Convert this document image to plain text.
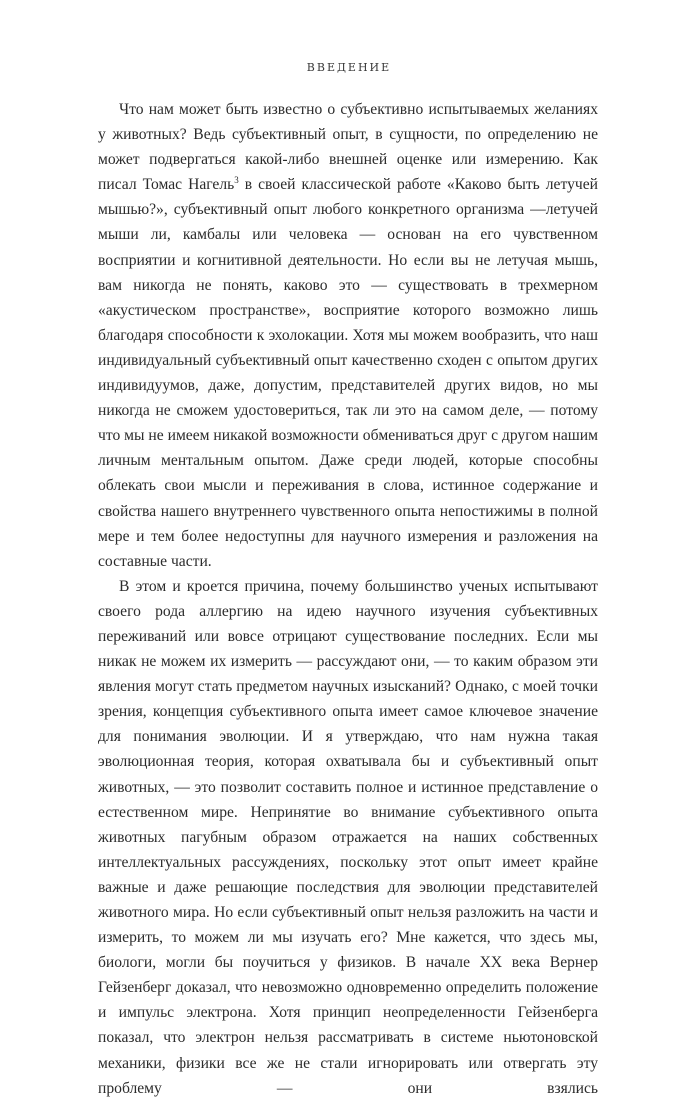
ВВЕДЕНИЕ

Что нам может быть известно о субъективно испытываемых желаниях у животных? Ведь субъективный опыт, в сущности, по определению не может подвергаться какой-либо внешней оценке или измерению. Как писал Томас Нагель$^3$ в своей классической работе «Каково быть летучей мышью?», субъективный опыт любого конкретного организма —летучей мыши ли, камбалы или человека — основан на его чувственном восприятии и когнитивной деятельности. Но если вы не летучая мышь, вам никогда не понять, каково это — существовать в трехмерном «акустическом пространстве», восприятие которого возможно лишь благодаря способности к эхолокации. Хотя мы можем вообразить, что наш индивидуальный субъективный опыт качественно сходен с опытом других индивидуумов, даже, допустим, представителей других видов, но мы никогда не сможем удостовериться, так ли это на самом деле, — потому что мы не имеем никакой возможности обмениваться друг с другом нашим личным ментальным опытом. Даже среди людей, которые способны облекать свои мысли и переживания в слова, истинное содержание и свойства нашего внутреннего чувственного опыта непостижимы в полной мере и тем более недоступны для научного измерения и разложения на составные части.

В этом и кроется причина, почему большинство ученых испытывают своего рода аллергию на идею научного изучения субъективных переживаний или вовсе отрицают существование последних. Если мы никак не можем их измерить — рассуждают они, — то каким образом эти явления могут стать предметом научных изысканий? Однако, с моей точки зрения, концепция субъективного опыта имеет самое ключевое значение для понимания эволюции. И я утверждаю, что нам нужна такая эволюционная теория, которая охватывала бы и субъективный опыт животных, — это позволит составить полное и истинное представление о естественном мире. Непринятие во внимание субъективного опыта животных пагубным образом отражается на наших собственных интеллектуальных рассуждениях, поскольку этот опыт имеет крайне важные и даже решающие последствия для эволюции представителей животного мира. Но если субъективный опыт нельзя разложить на части и измерить, то можем ли мы изучать его? Мне кажется, что здесь мы, биологи, могли бы поучиться у физиков. В начале XX века Вернер Гейзенберг доказал, что невозможно одновременно определить положение и импульс электрона. Хотя принцип неопределенности Гейзенберга показал, что электрон нельзя рассматривать в системе ньютоновской механики, физики все же не стали игнорировать или отвергать эту проблему — они взялись
